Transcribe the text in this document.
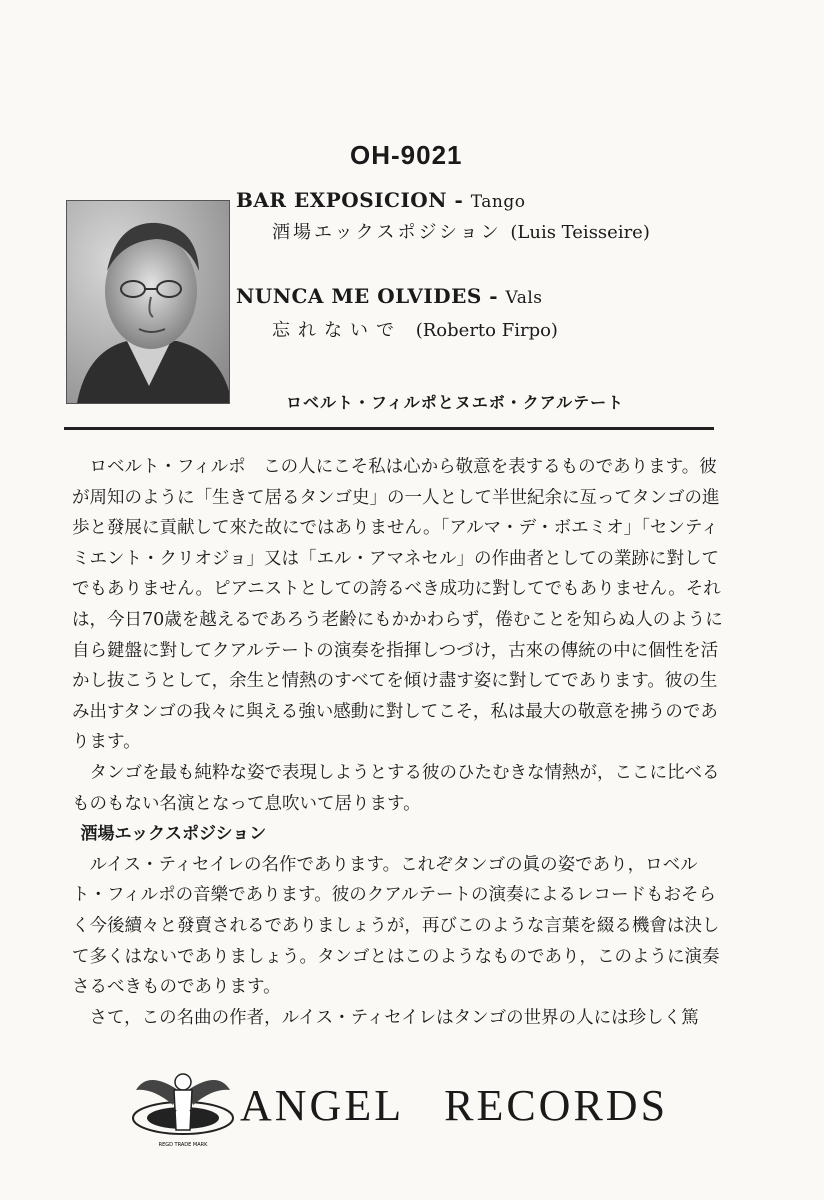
OH-9021
BAR EXPOSICION - Tango
酒場エックスポジション (Luis Teisseire)
NUNCA ME OLVIDES - Vals
忘れないで (Roberto Firpo)
ロベルト・フィルポとヌエボ・クアルテート

ロベルト・フィルポ　この人にこそ私は心から敬意を表するものであります。彼が周知のように「生きて居るタンゴ史」の一人として半世紀余に亙ってタンゴの進歩と發展に貢献して來た故にではありません。「アルマ・デ・ボエミオ」「センティミエント・クリオジョ」又は「エル・アマネセル」の作曲者としての業跡に對してでもありません。ピアニストとしての誇るべき成功に對してでもありません。それは，今日70歳を越えるであろう老齢にもかかわらず，倦むことを知らぬ人のように自ら鍵盤に對してクアルテートの演奏を指揮しつづけ，古來の傳統の中に個性を活かし抜こうとして，余生と情熱のすべてを傾け盡す姿に對してであります。彼の生み出すタンゴの我々に與える強い感動に對してこそ，私は最大の敬意を拂うのであります。

タンゴを最も純粋な姿で表現しようとする彼のひたむきな情熱が，ここに比べるものもない名演となって息吹いて居ります。

酒場エックスポジション

ルイス・ティセイレの名作であります。これぞタンゴの眞の姿であり，ロベルト・フィルポの音樂であります。彼のクアルテートの演奏によるレコードもおそらく今後續々と發賣されるでありましょうが，再びこのような言葉を綴る機會は決して多くはないでありましょう。タンゴとはこのようなものであり，このように演奏さるべきものであります。

さて，この名曲の作者，ルイス・ティセイレはタンゴの世界の人には珍しく篤

REGD TRADE MARK
ANGEL RECORDS
